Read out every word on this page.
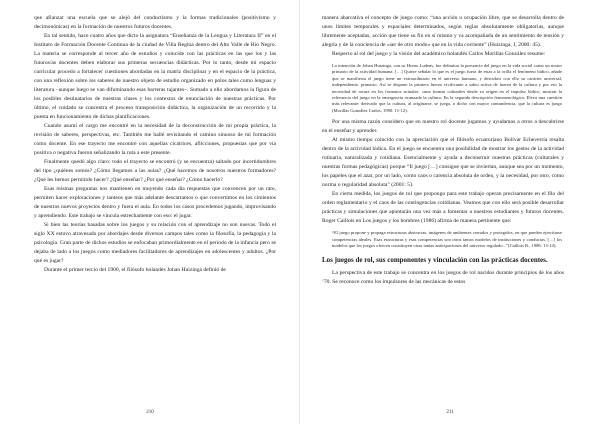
que afianzar una escuela que se alejó del conductismo y la formas tradicionales (positivismo y decimonónicas) en la formación de nuestros futuros docentes.

En tal sentido, hace cuatro años que dicto la asignatura “Enseñanza de la Lengua y Literatura II” en el Instituto de Formación Docente Continua de la ciudad de Villa Regina dentro del Alto Valle de Río Negro. La materia se corresponde al tercer año de estudios y coincide con las prácticas en las que los y las futuros/as docentes deben elaborar sus primeras secuencias didácticas. Por lo tanto, desde mi espacio curricular procedo a fortalecer cuestiones abordadas en la matriz disciplinar y en el espacio de la práctica, con una reflexión sobre los saberes de nuestro objeto de estudio organizado en polos tales como lenguas y literatura –aunque luego se van difuminando esas barreras tajantes–. Sumado a ello abordamos la figura de los posibles destinatarios de nuestras clases y los contextos de enunciación de nuestras prácticas. Por último, el cuidado se concentra el proceso transposición didáctica, la organización de un recorrido y la puesta en funcionamiento de dichas planificaciones.

Cuando asumí el cargo me encontré en la necesidad de la deconstrucción de mi propia práctica, la revisión de saberes, perspectivas, etc. También me hallé revisitando el camino sinuoso de mi formación como docente. En ese trayecto me encontré con aquellas cicatrices, aflicciones, propuestas que por vía positiva o negativa fueron señalizando la ruta a este presente.

Finalmente quedó algo claro: todo el trayecto se encontró (y se encuentra) saltado por incertidumbres del tipo ¿quiénes somos? ¿Cómo llegamos a las aulas? ¿Qué hacemos de nosotros nuestros formadores? ¿Qué les hemos permitido hacer? ¿Qué enseñar? ¿Por qué enseñar? ¿Cómo hacerlo?

Esas mismas preguntas nos mantienen en muyendo cada día respuestas que convencen por un rato, permiten hacer exploraciones y tanteos que más adelante descartamos o que convertimos en los cimientos de nuestros nuevos proyectos dentro y fuera el aula. En todos los casos procedemos jugando, improvisando y aprendiendo. Este trabajo se vincula estrechamente con eso: el jugar.

Si bien las teorías basadas sobre los juegos y su relación con el aprendizaje no son nuevas. Todo el siglo XX estuvo atravesado por abordajes desde diversos campos tales como la filosofía, la pedagogía y la psicología. Gran parte de dichos estudios se enfocaban primordialmente en el período de la infancia pero se dejaba de lado a los juegos como mediadores facilitadores de aprendizajes en adolescentes y adultos. ¿Por qué es jugar?

Durante el primer tercio del 1900, el filósofo holandés Johan Huizinga definió de

210

manera abarcativa el concepto de juego como: “una acción u ocupación libre, que se desarrolla dentro de unos límites temporales y espaciales determinados, según reglas absolutamente obligatorias, aunque libremente aceptadas, acción que tiene su fin en sí mismo y va acompañada de un sentimiento de tensión y alegría y de la conciencia de «ser de otro modo» que en la vida corriente” (Huizinga, J, 2000: 45).

Respecto al rol del juego y la visión del académico holandés Carlos Morillas González resume:

La intención de Johan Huizinga, con su Homo Ludens, fue delimitar la presencia del juego en la vida social como un motor primario de la actividad humana. […] Quiere señalar lo que es el juego fuera de estar a la orilla el fenómeno lúdico, añade que se manifiesta el juego tiene un extraordinario en el universo humano, y descubrir con ello su carácter universal, independiente, primario. Así se dispone la primera fuerza vivificante a sabio activa de fuerza de la cultura y por eso la necesidad de rotura en los formatos actuales: «una formas culturales desde su origen en el impulso lúdico, mostrar la relevancia del juego en la emergencia avanzada la cultura. En la segunda descripción fenomenológica. Eleva una cuestión más relevante: derivado que la cultura, al originarse, se juega, o dicho con mayor contundencia, que la cultura es juego (Morillas González Carlos, 1990: 11-12).

Por una misma razón considero que en nuestro rol docente jugamos y ayudamos a otros a descubrirse en el enseñar y aprender.

Al mismo tiempo coincido con la apreciación que el filósofo ecuatoriano Bolívar Echeverría resalta dentro de la actividad lúdica. En el juego se encuentra una posibilidad de mostrar los gestos de la actividad rutinaria, naturalizada y cotidiana. Esencialmente y ayuda a deconstruir nuestras prácticas (culturales y nuestras formas pedagógicas) porque “Il juego […] consigue que se inviertan, aunque sea por un momento, los papeles que el azar, por un lado, como caos o carencia absoluta de orden, y la necesidad, por otro, como norma o regularidad absoluta” (2001: 5).

En cierta medida, los juegos de rol que propongo para este trabajo operan precisamente en el filo del orden reglamentario y el caos de las contingencias cotidianas. Veamos que con ello será posible desarrollar prácticas y simulaciones que apuntarán una vez más a fomentar a nuestros estudiantes y futuros docentes. Roger Caillois en Los juegos y los hombres (1986) afirma de manera pertinente que:

“El juego propone y propaga estructuras abstractas, imágenes de ambientes cerrados y protegidos, en que pueden ejercitarse competencias ideales. Esas estructuras y esas competencias son otros tantos modelos de instituciones y conductas. […] los modelos que los juegos ofrecen constituyen otras tantas anticipaciones del universo regulado...”(Caillois R., 1986: 13-14).
Los juegos de rol, sus componentes y vinculación con las prácticas docentes.

La perspectiva de este trabajo se concentra en los juegos de rol nacidos durante principios de los años ’70. Se reconoce como los impulsores de las mecánicas de estos

211
